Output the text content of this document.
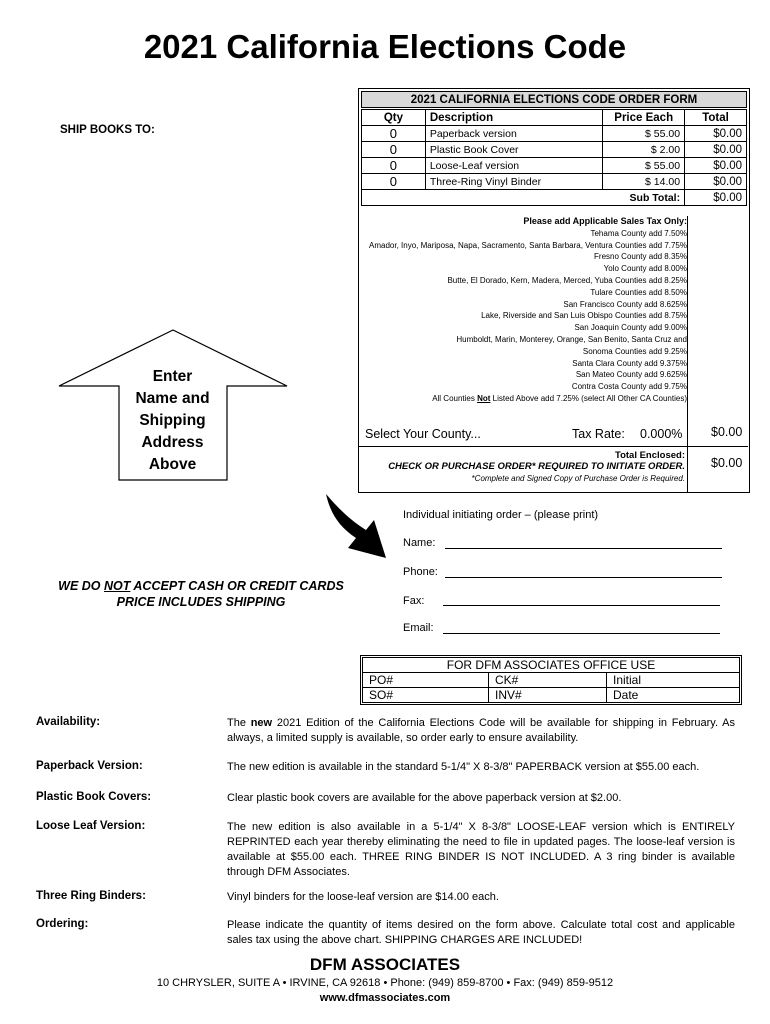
2021 California Elections Code
SHIP BOOKS TO:
2021 CALIFORNIA ELECTIONS CODE ORDER FORM
Qty	Description	Price Each	Total
0	Paperback version	$ 55.00	$0.00
0	Plastic Book Cover	$ 2.00	$0.00
0	Loose-Leaf version	$ 55.00	$0.00
0	Three-Ring Vinyl Binder	$ 14.00	$0.00
Sub Total:			$0.00
Please add Applicable Sales Tax Only:
Tehama County add 7.50%
Amador, Inyo, Mariposa, Napa, Sacramento, Santa Barbara, Ventura Counties add 7.75%
Fresno County add 8.35%
Yolo County add 8.00%
Butte, El Dorado, Kern, Madera, Merced, Yuba Counties add 8.25%
Tulare Counties add 8.50%
San Francisco County add 8.625%
Lake, Riverside and San Luis Obispo Counties add 8.75%
San Joaquin County add 9.00%
Humboldt, Marin, Monterey, Orange, San Benito, Santa Cruz and
Sonoma Counties add 9.25%
Santa Clara County add 9.375%
San Mateo County add 9.625%
Contra Costa County add 9.75%
All Counties Not Listed Above add 7.25% (select All Other CA Counties)
Select Your County...	Tax Rate: 0.000% $0.00
Total Enclosed:
CHECK OR PURCHASE ORDER* REQUIRED TO INITIATE ORDER.
*Complete and Signed Copy of Purchase Order is Required.
$0.00
Enter
Name and
Shipping
Address
Above
WE DO NOT ACCEPT CASH OR CREDIT CARDS
PRICE INCLUDES SHIPPING
Individual initiating order – (please print)
Name:
Phone:
Fax:
Email:
FOR DFM ASSOCIATES OFFICE USE		
PO#	CK#	Initial
SO#	INV#	Date
Availability:	The new 2021 Edition of the California Elections Code will be available for shipping in February. As always, a limited supply is available, so order early to ensure availability.
Paperback Version:	The new edition is available in the standard 5-1/4" X 8-3/8" PAPERBACK version at $55.00 each.
Plastic Book Covers:	Clear plastic book covers are available for the above paperback version at $2.00.
Loose Leaf Version:	The new edition is also available in a 5-1/4" X 8-3/8" LOOSE-LEAF version which is ENTIRELY REPRINTED each year thereby eliminating the need to file in updated pages. The loose-leaf version is available at $55.00 each. THREE RING BINDER IS NOT INCLUDED. A 3 ring binder is available through DFM Associates.
Three Ring Binders:	Vinyl binders for the loose-leaf version are $14.00 each.
Ordering:	Please indicate the quantity of items desired on the form above. Calculate total cost and applicable sales tax using the above chart. SHIPPING CHARGES ARE INCLUDED!
DFM ASSOCIATES
10 CHRYSLER, SUITE A • IRVINE, CA 92618 • Phone: (949) 859-8700 • Fax: (949) 859-9512
www.dfmassociates.com
